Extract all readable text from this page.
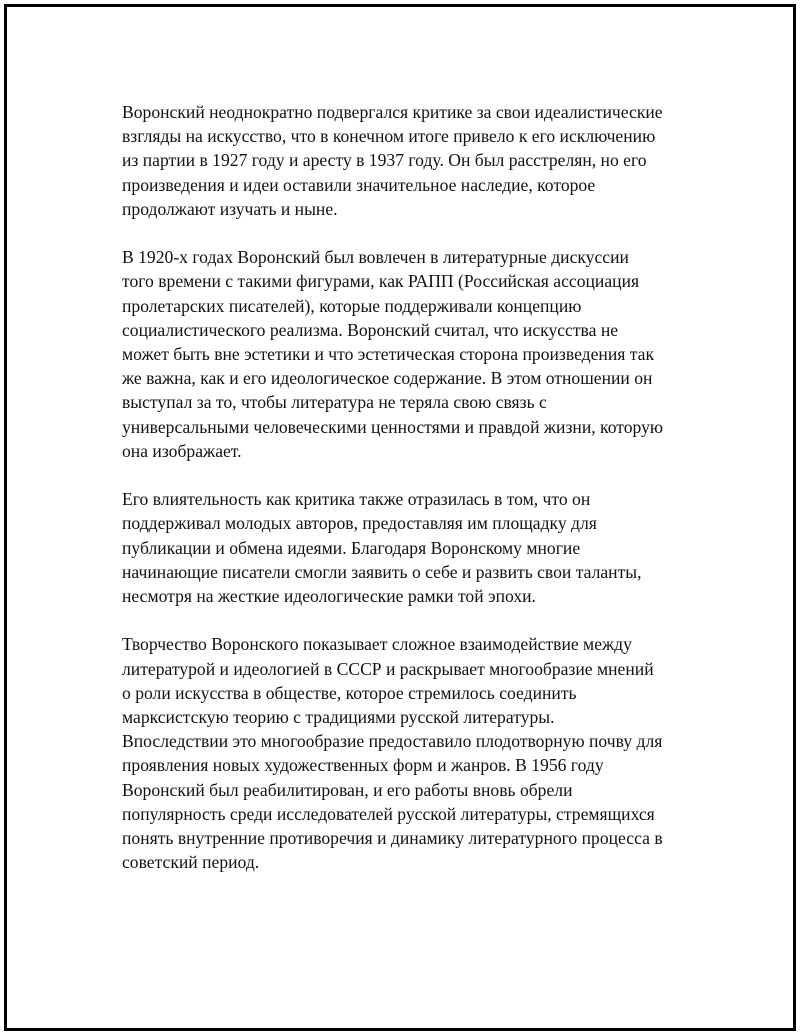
Воронский неоднократно подвергался критике за свои идеалистические
взгляды на искусство, что в конечном итоге привело к его исключению
из партии в 1927 году и аресту в 1937 году. Он был расстрелян, но его
произведения и идеи оставили значительное наследие, которое
продолжают изучать и ныне.

В 1920-х годах Воронский был вовлечен в литературные дискуссии
того времени с такими фигурами, как РАПП (Российская ассоциация
пролетарских писателей), которые поддерживали концепцию
социалистического реализма. Воронский считал, что искусства не
может быть вне эстетики и что эстетическая сторона произведения так
же важна, как и его идеологическое содержание. В этом отношении он
выступал за то, чтобы литература не теряла свою связь с
универсальными человеческими ценностями и правдой жизни, которую
она изображает.

Его влиятельность как критика также отразилась в том, что он
поддерживал молодых авторов, предоставляя им площадку для
публикации и обмена идеями. Благодаря Воронскому многие
начинающие писатели смогли заявить о себе и развить свои таланты,
несмотря на жесткие идеологические рамки той эпохи.

Творчество Воронского показывает сложное взаимодействие между
литературой и идеологией в СССР и раскрывает многообразие мнений
о роли искусства в обществе, которое стремилось соединить
марксистскую теорию с традициями русской литературы.
Впоследствии это многообразие предоставило плодотворную почву для
проявления новых художественных форм и жанров. В 1956 году
Воронский был реабилитирован, и его работы вновь обрели
популярность среди исследователей русской литературы, стремящихся
понять внутренние противоречия и динамику литературного процесса в
советский период.
